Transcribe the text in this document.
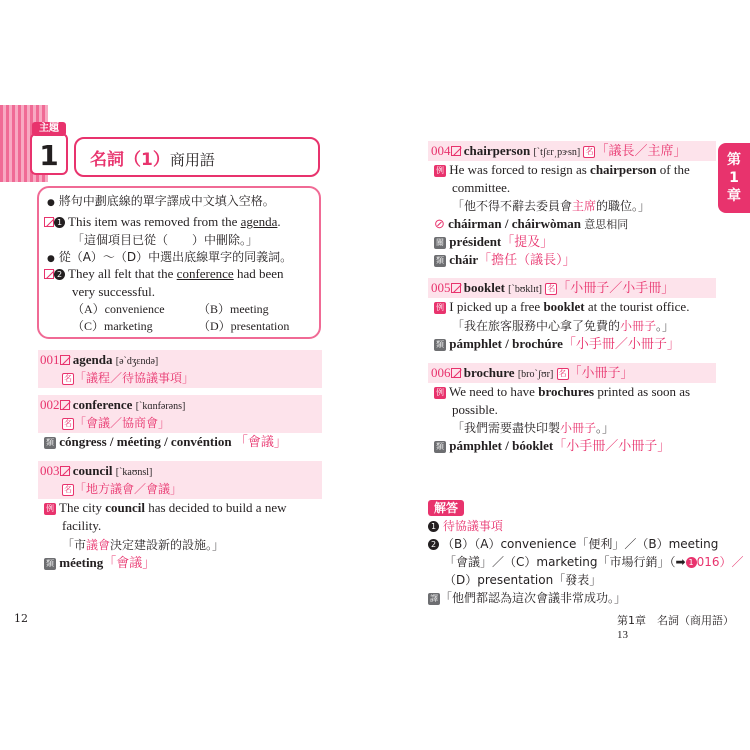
主題
1	名詞（1）商用語
● 將句中劃底線的單字譯成中文填入空格。
1 This item was removed from the agenda.
「這個項目已從（　　）中刪除。」
● 從（A）～（D）中選出底線單字的同義詞。
2 They all felt that the conference had been
very successful.
（A）convenience	（B）meeting
（C）marketing	（D）presentation
001 agenda [əˋdʒɛndə]
名 「議程／待協議事項」
002 conference [ˋkɑnfərəns]
名 「會議／協商會」
類 cóngress / méeting / convéntion 「會議」
003 council [ˋkaʊnsl]
名 「地方議會／會議」
例 The city council has decided to build a new
facility.
「市議會決定建設新的設施。」
類 méeting「會議」
12
第
1
章
004 chairperson [ˋtʃɛr͵pɝsn] 名 「議長／主席」
例 He was forced to resign as chairperson of the
committee.
「他不得不辭去委員會主席的職位。」
⊘ cháirman / cháirwòman 意思相同
關 président「提及」
類 cháir「擔任（議長）」
005 booklet [ˋbʊklɪt] 名 「小冊子／小手冊」
例 I picked up a free booklet at the tourist office.
「我在旅客服務中心拿了免費的小冊子。」
類 pámphlet / brochúre「小手冊／小冊子」
006 brochure [broˋʃʊr] 名 「小冊子」
例 We need to have brochures printed as soon as
possible.
「我們需要盡快印製小冊子。」
類 pámphlet / bóoklet「小手冊／小冊子」
解答
1 待協議事項
2 （B）（A）convenience「便利」／（B）meeting
「會議」／（C）marketing「市場行銷」（➡ 1 016）／
（D）presentation「發表」
譯 「他們都認為這次會議非常成功。」
第1章　名詞（商用語）　13
